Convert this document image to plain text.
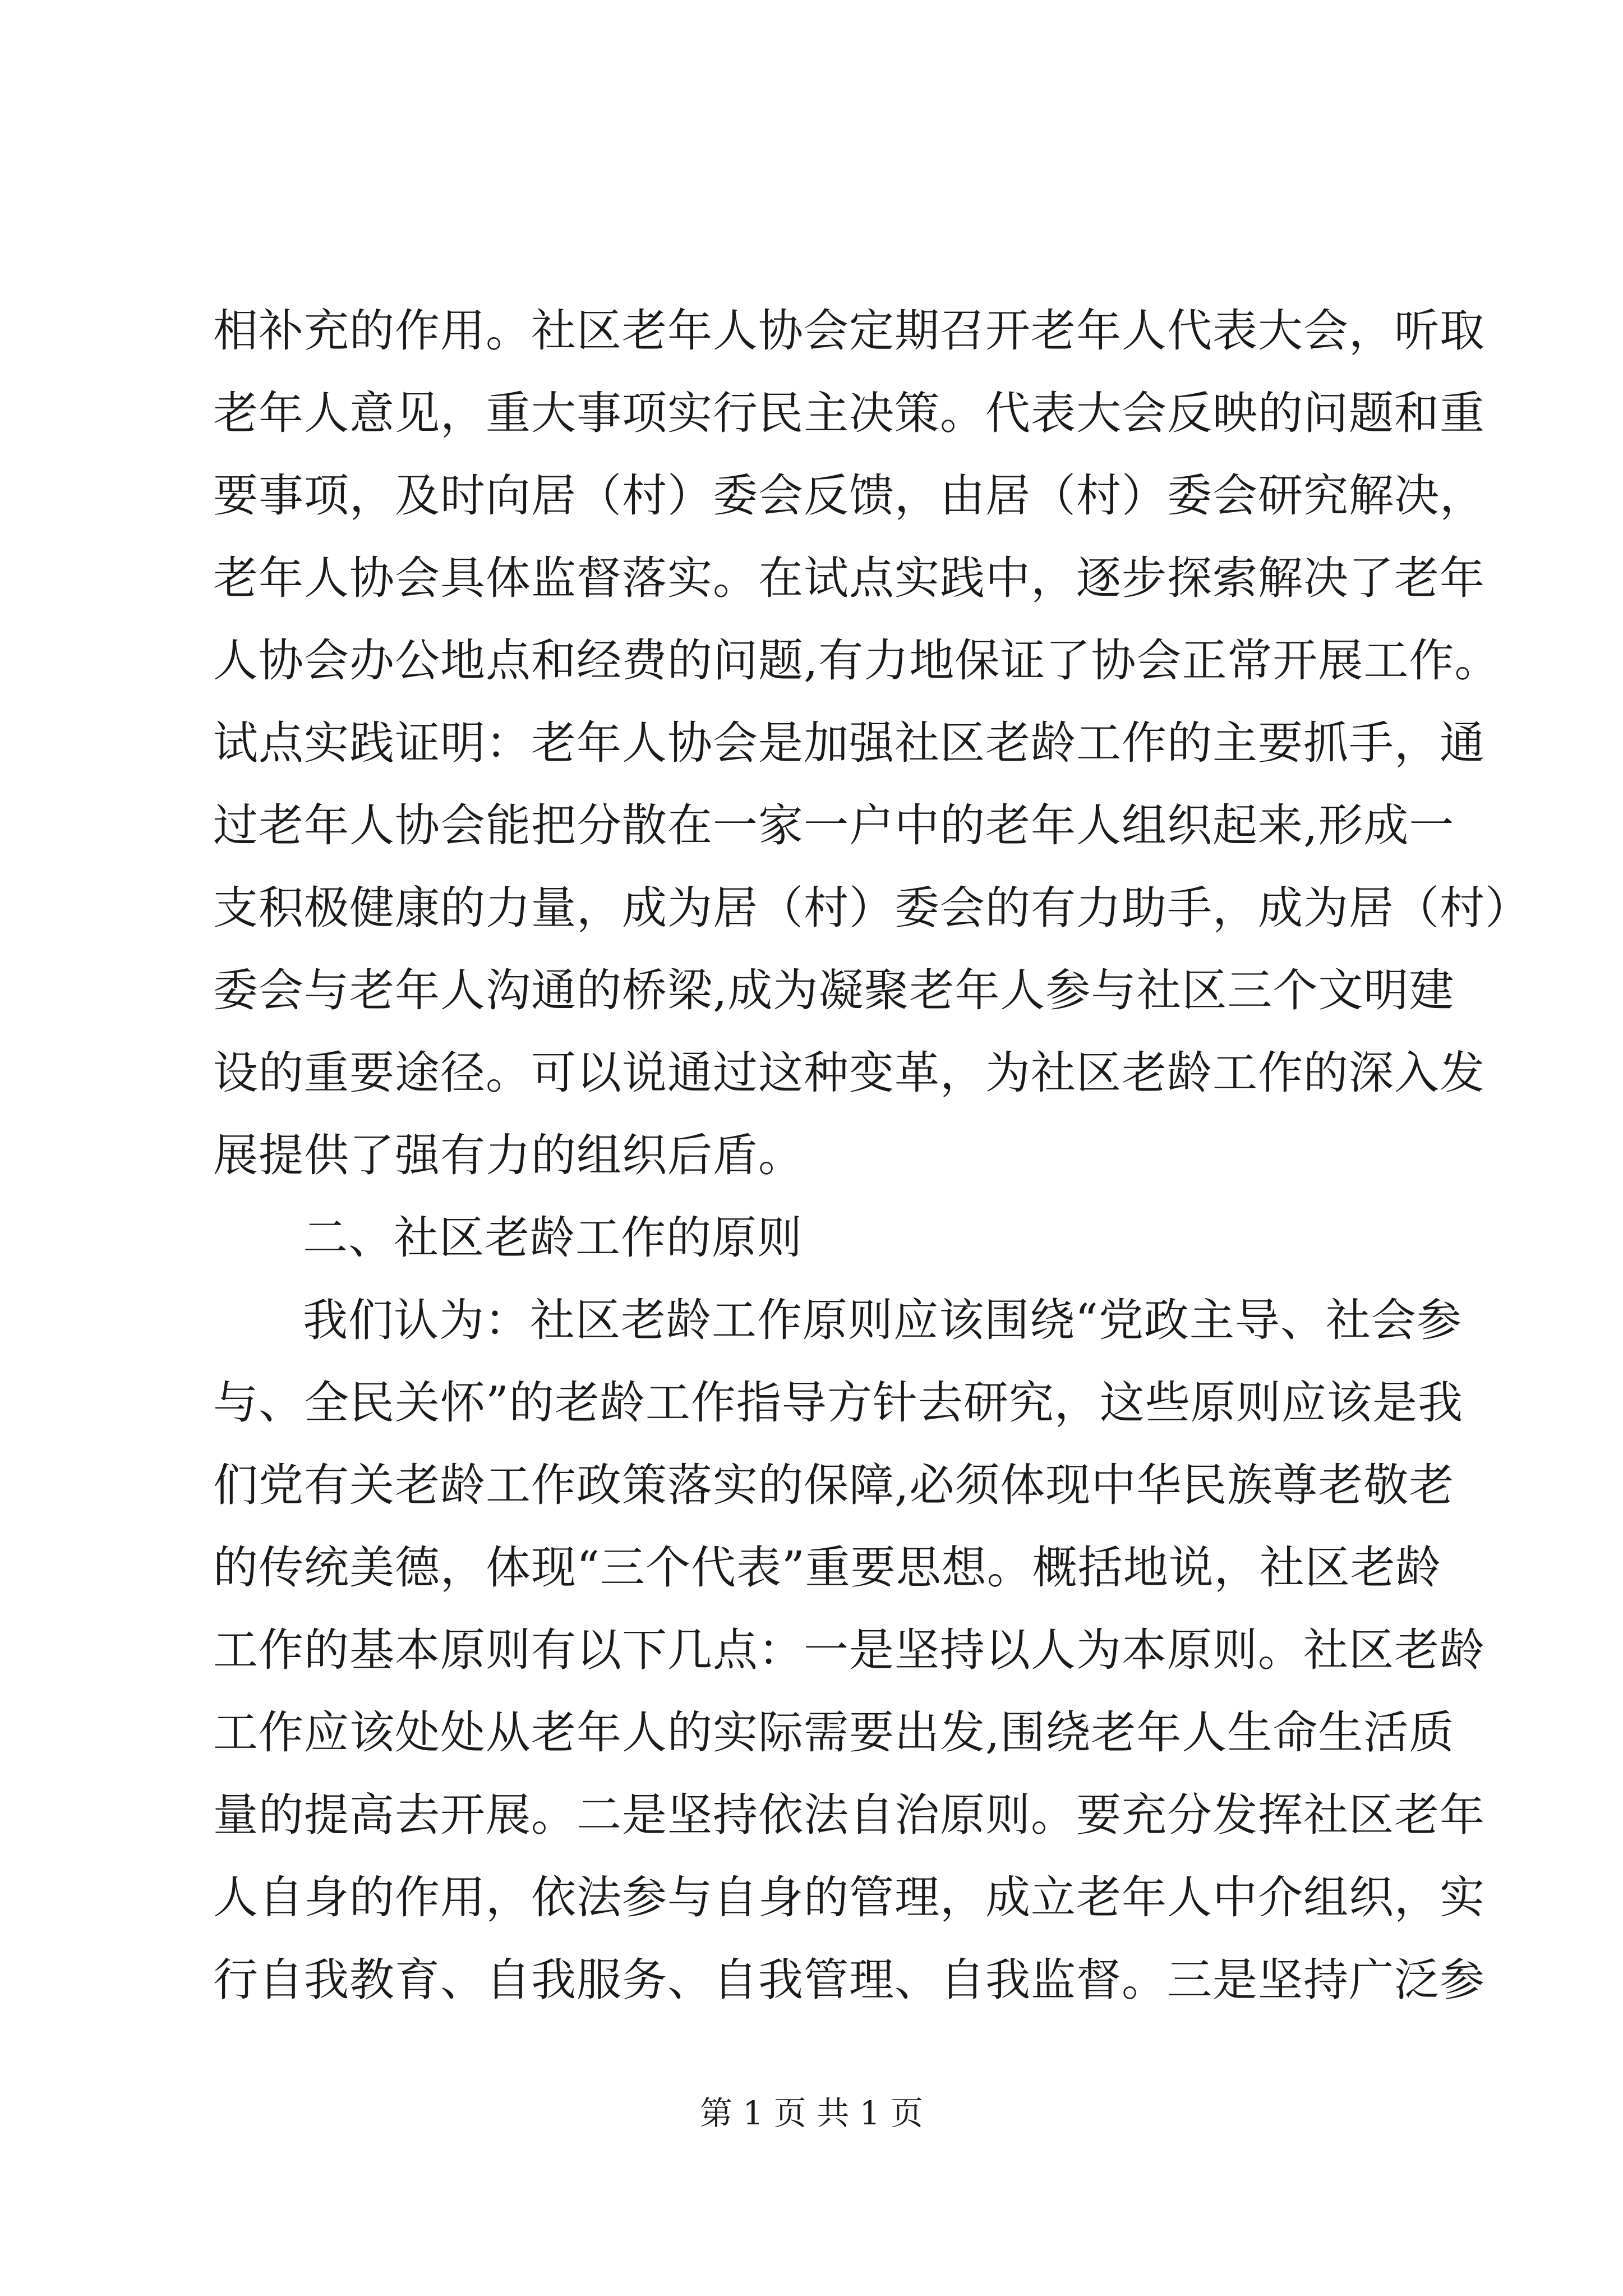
相补充的作用。社区老年人协会定期召开老年人代表大会，听取
老年人意见，重大事项实行民主决策。代表大会反映的问题和重
要事项，及时向居（村）委会反馈，由居（村）委会研究解决，
老年人协会具体监督落实。在试点实践中，逐步探索解决了老年
人协会办公地点和经费的问题,有力地保证了协会正常开展工作。
试点实践证明：老年人协会是加强社区老龄工作的主要抓手，通
过老年人协会能把分散在一家一户中的老年人组织起来,形成一
支积极健康的力量，成为居（村）委会的有力助手，成为居（村）
委会与老年人沟通的桥梁,成为凝聚老年人参与社区三个文明建
设的重要途径。可以说通过这种变革，为社区老龄工作的深入发
展提供了强有力的组织后盾。
二、社区老龄工作的原则
我们认为：社区老龄工作原则应该围绕“党政主导、社会参
与、全民关怀”的老龄工作指导方针去研究，这些原则应该是我
们党有关老龄工作政策落实的保障,必须体现中华民族尊老敬老
的传统美德，体现“三个代表”重要思想。概括地说，社区老龄
工作的基本原则有以下几点：一是坚持以人为本原则。社区老龄
工作应该处处从老年人的实际需要出发,围绕老年人生命生活质
量的提高去开展。二是坚持依法自治原则。要充分发挥社区老年
人自身的作用，依法参与自身的管理，成立老年人中介组织，实
行自我教育、自我服务、自我管理、自我监督。三是坚持广泛参
第 1 页 共 1 页
